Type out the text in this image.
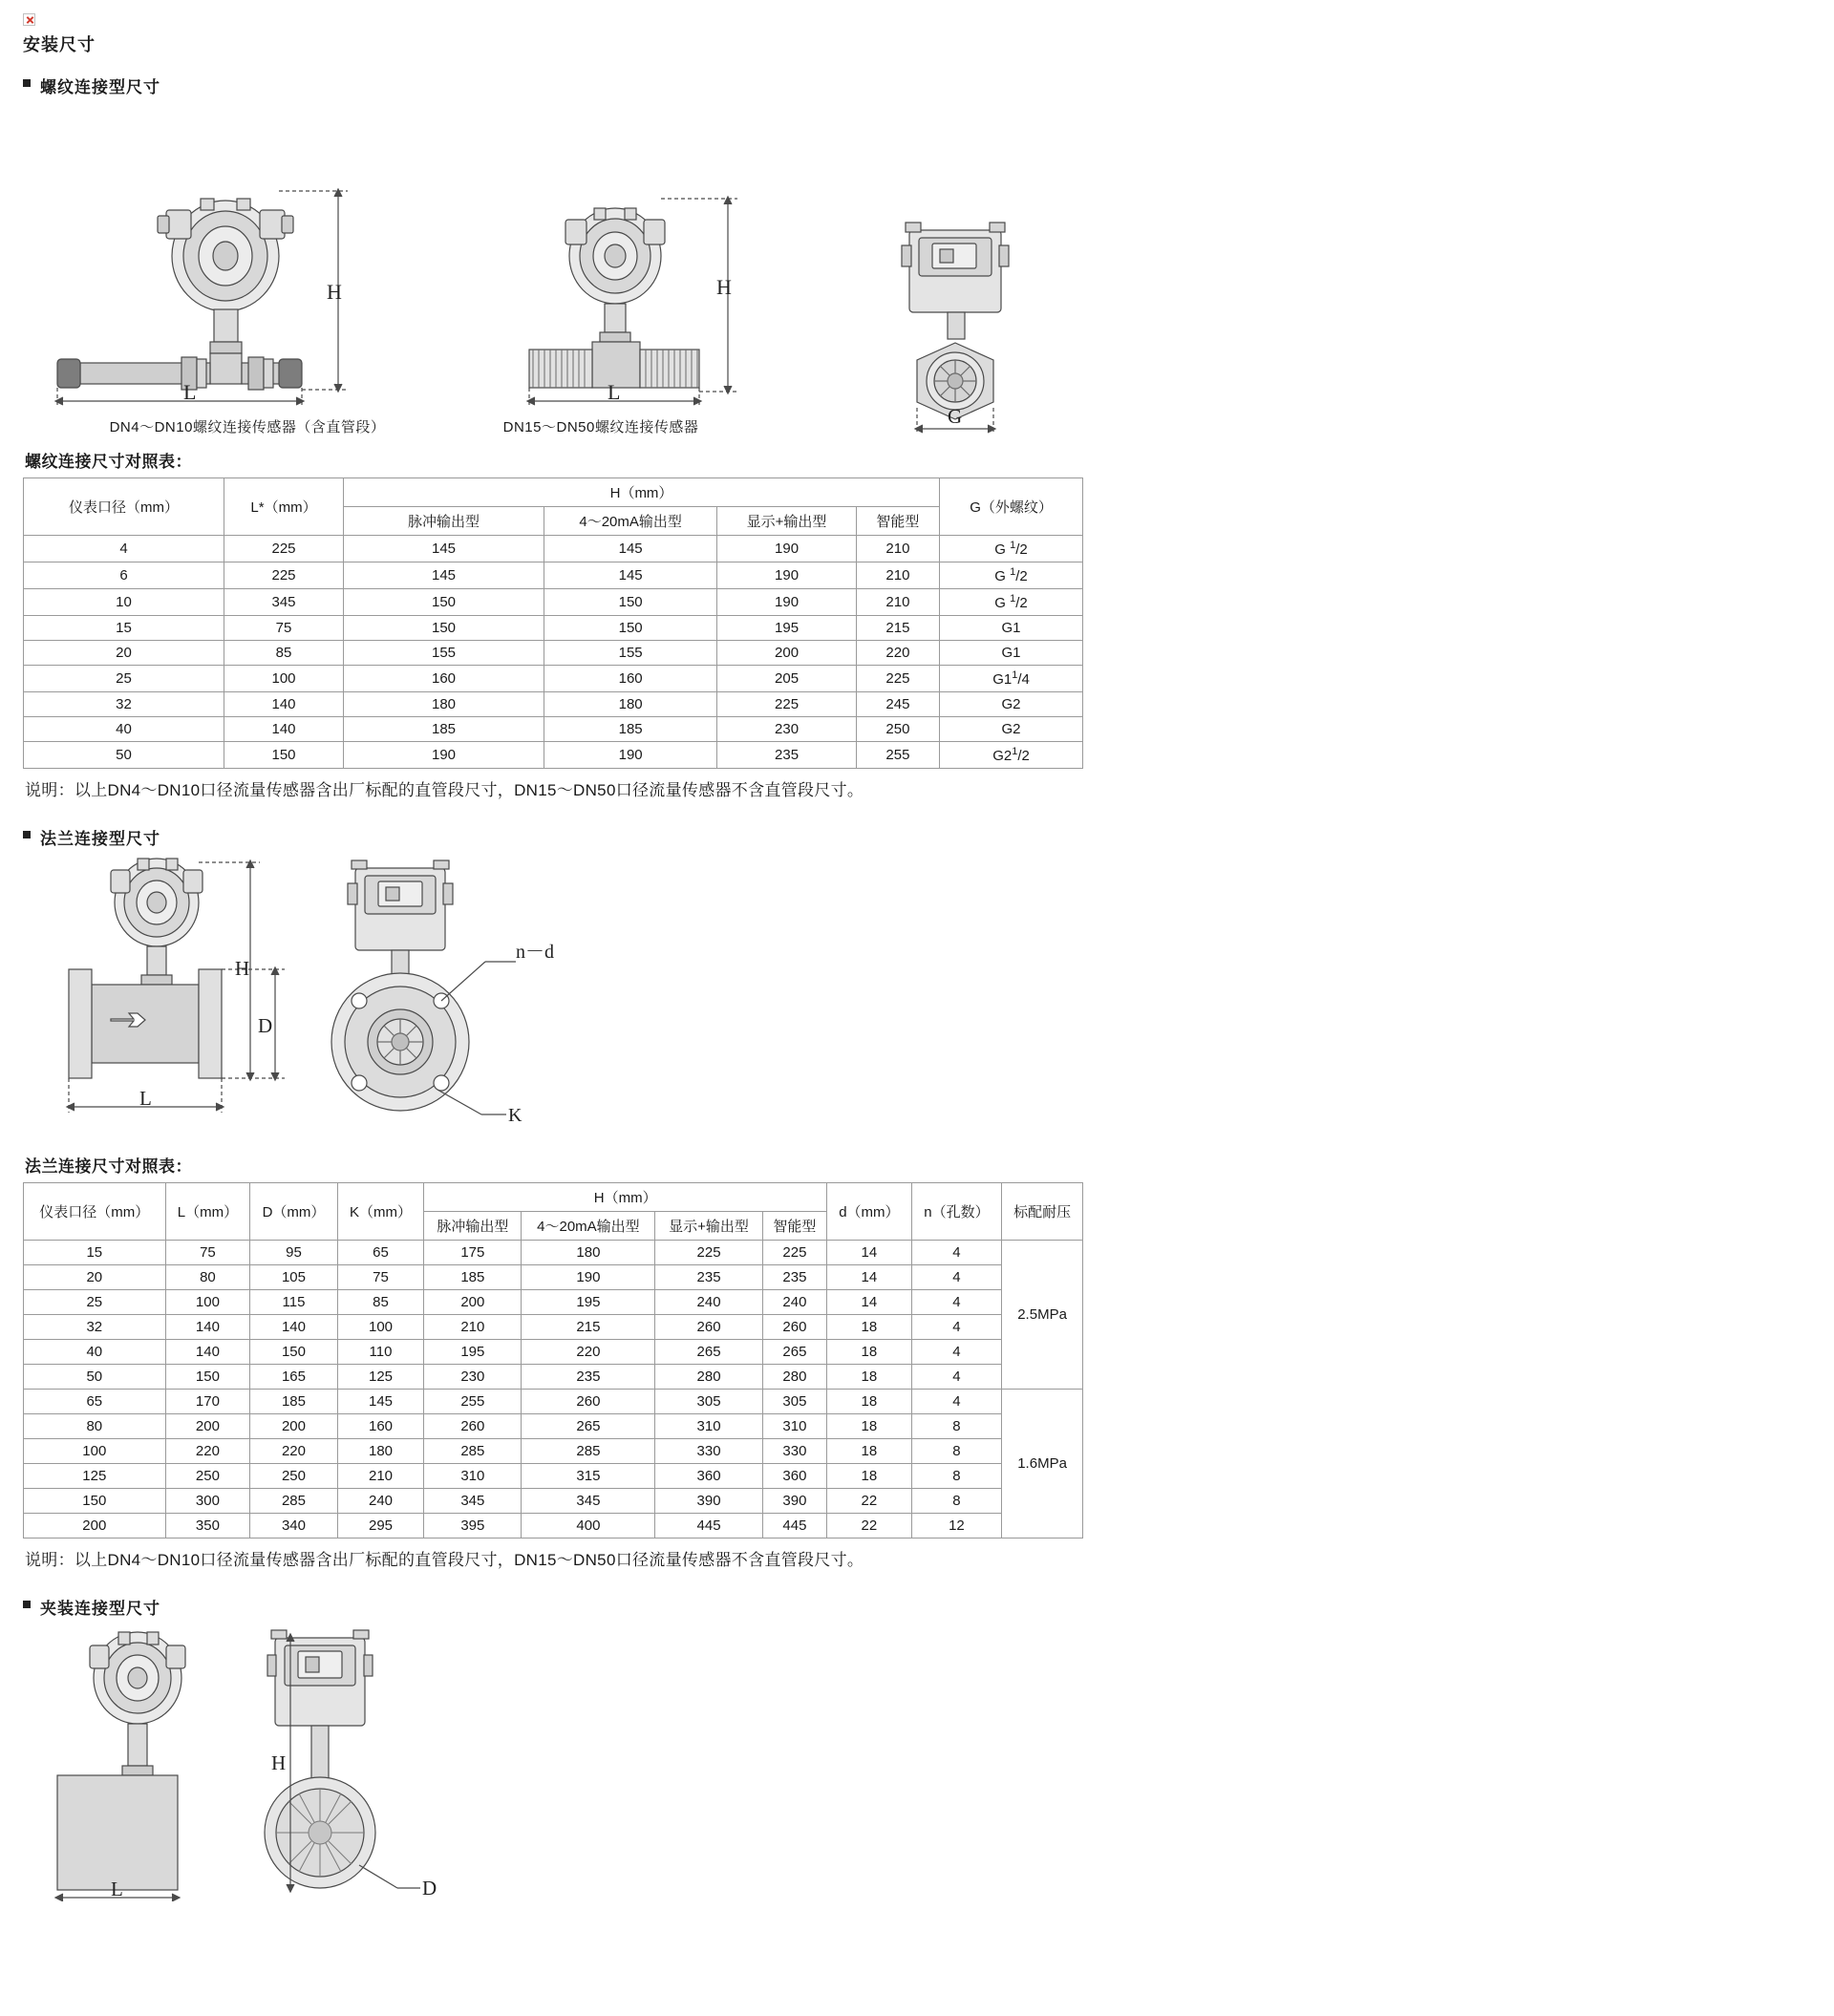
安装尺寸
螺纹连接型尺寸
H
L
DN4～DN10螺纹连接传感器（含直管段）
H
L
DN15～DN50螺纹连接传感器	G
螺纹连接尺寸对照表：
仪表口径（mm）	L*（mm）	H（mm）				G（外螺纹）
		脉冲输出型	4～20mA输出型	显示+输出型	智能型	
4	225	145	145	190	210	G $^1$/2
6	225	145	145	190	210	G $^1$/2
10	345	150	150	190	210	G $^1$/2
15	75	150	150	195	215	G1
20	85	155	155	200	220	G1
25	100	160	160	205	225	$G1^1/4$
32	140	180	180	225	245	G2
40	140	185	185	230	250	G2
50	150	190	190	235	255	$G2^1/2$
说明：以上DN4～DN10口径流量传感器含出厂标配的直管段尺寸，DN15～DN50口径流量传感器不含直管段尺寸。
法兰连接型尺寸
H
D
L
n－d
K
法兰连接尺寸对照表：
仪表口径（mm）	L（mm）	D（mm）	K（mm）	H（mm）				d（mm）	n（孔数）	标配耐压
				脉冲输出型	4～20mA输出型	显示+输出型	智能型			
15	75	95	65	175	180	225	225	14	4	2.5MPa
20	80	105	75	185	190	235	235	14	4	
25	100	115	85	200	195	240	240	14	4	
32	140	140	100	210	215	260	260	18	4	
40	140	150	110	195	220	265	265	18	4	
50	150	165	125	230	235	280	280	18	4	
65	170	185	145	255	260	305	305	18	4	1.6MPa
80	200	200	160	260	265	310	310	18	8	
100	220	220	180	285	285	330	330	18	8	
125	250	250	210	310	315	360	360	18	8	
150	300	285	240	345	345	390	390	22	8	
200	350	340	295	395	400	445	445	22	12	
说明：以上DN4～DN10口径流量传感器含出厂标配的直管段尺寸，DN15～DN50口径流量传感器不含直管段尺寸。
夹装连接型尺寸
L	D
H
